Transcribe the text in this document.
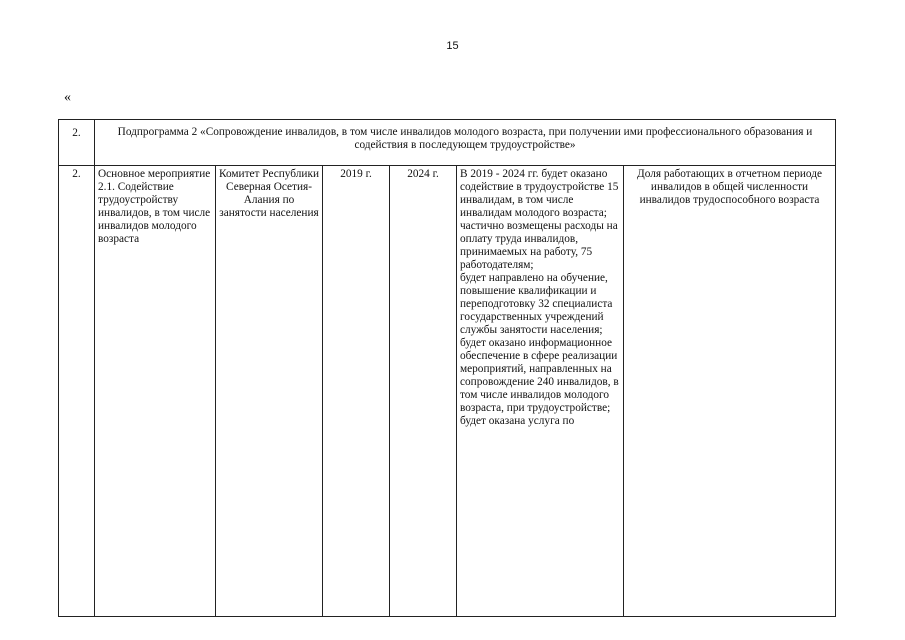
15
«
2.	Подпрограмма 2 «Сопровождение инвалидов, в том числе инвалидов молодого возраста, при получении ими профессионального образования и содействия в последующем трудоустройстве»					
2.	Основное мероприятие 2.1. Содействие трудоустройству инвалидов, в том числе инвалидов молодого возраста	Комитет Республики Северная Осетия-Алания по занятости населения	2019 г.	2024 г.	В 2019 - 2024 гг. будет оказано содействие в трудоустройстве 15 инвалидам, в том числе инвалидам молодого возраста;
частично возмещены расходы на оплату труда инвалидов, принимаемых на работу, 75 работодателям;
будет направлено на обучение, повышение квалификации и переподготовку 32 специалиста государственных учреждений службы занятости населения;
будет оказано информационное обеспечение в сфере реализации мероприятий, направленных на сопровождение 240 инвалидов, в том числе инвалидов молодого возраста, при трудоустройстве;
будет оказана услуга по	Доля работающих в отчетном периоде инвалидов в общей численности инвалидов трудоспособного возраста
